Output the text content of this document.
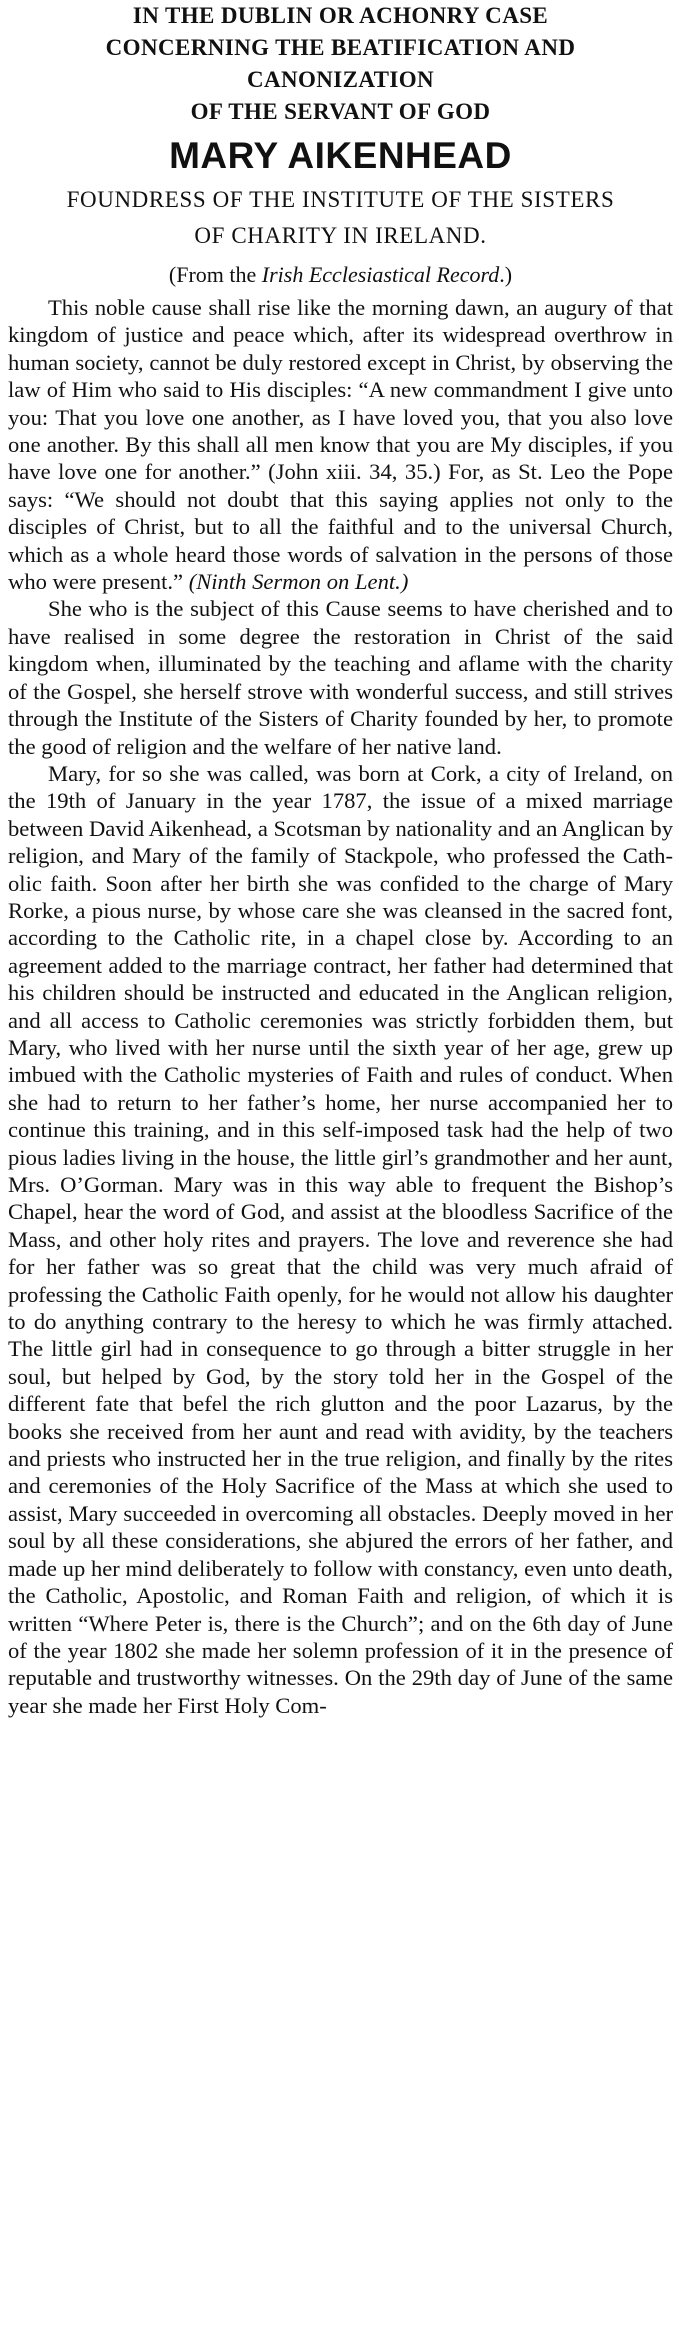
IN THE DUBLIN OR ACHONRY CASE
CONCERNING THE BEATIFICATION AND
CANONIZATION
OF THE SERVANT OF GOD
MARY AIKENHEAD
FOUNDRESS OF THE INSTITUTE OF THE SISTERS
OF CHARITY IN IRELAND.
(From the Irish Ecclesiastical Record.)

This noble cause shall rise like the morning dawn, an augury of that kingdom of justice and peace which, after its widespread overthrow in human society, cannot be duly restored except in Christ, by observing the law of Him who said to His disciples: “A new commandment I give unto you: That you love one another, as I have loved you, that you also love one another. By this shall all men know that you are My disciples, if you have love one for another.” (John xiii. 34, 35.) For, as St. Leo the Pope says: “We should not doubt that this saying applies not only to the disciples of Christ, but to all the faithful and to the universal Church, which as a whole heard those words of salvation in the persons of those who were present.” (Ninth Sermon on Lent.)

She who is the subject of this Cause seems to have cherished and to have realised in some degree the restoration in Christ of the said kingdom when, illuminated by the teaching and aflame with the charity of the Gospel, she herself strove with wonderful success, and still strives through the Institute of the Sisters of Charity founded by her, to promote the good of religion and the welfare of her native land.

Mary, for so she was called, was born at Cork, a city of Ireland, on the 19th of January in the year 1787, the issue of a mixed marriage between David Aikenhead, a Scotsman by nationality and an Anglican by religion, and Mary of the family of Stackpole, who professed the Catholic faith. Soon after her birth she was confided to the charge of Mary Rorke, a pious nurse, by whose care she was cleansed in the sacred font, according to the Catholic rite, in a chapel close by. According to an agreement added to the marriage contract, her father had determined that his children should be instructed and educated in the Anglican religion, and all access to Catholic ceremonies was strictly forbidden them, but Mary, who lived with her nurse until the sixth year of her age, grew up imbued with the Catholic mysteries of Faith and rules of conduct. When she had to return to her father’s home, her nurse accompanied her to continue this training, and in this self-imposed task had the help of two pious ladies living in the house, the little girl’s grandmother and her aunt, Mrs. O’Gorman. Mary was in this way able to frequent the Bishop’s Chapel, hear the word of God, and assist at the bloodless Sacrifice of the Mass, and other holy rites and prayers. The love and reverence she had for her father was so great that the child was very much afraid of professing the Catholic Faith openly, for he would not allow his daughter to do anything contrary to the heresy to which he was firmly attached. The little girl had in consequence to go through a bitter struggle in her soul, but helped by God, by the story told her in the Gospel of the different fate that befel the rich glutton and the poor Lazarus, by the books she received from her aunt and read with avidity, by the teachers and priests who instructed her in the true religion, and finally by the rites and ceremonies of the Holy Sacrifice of the Mass at which she used to assist, Mary succeeded in overcoming all obstacles. Deeply moved in her soul by all these considerations, she abjured the errors of her father, and made up her mind deliberately to follow with constancy, even unto death, the Catholic, Apostolic, and Roman Faith and religion, of which it is written “Where Peter is, there is the Church”; and on the 6th day of June of the year 1802 she made her solemn profession of it in the presence of reputable and trustworthy witnesses. On the 29th day of June of the same year she made her First Holy Com-
